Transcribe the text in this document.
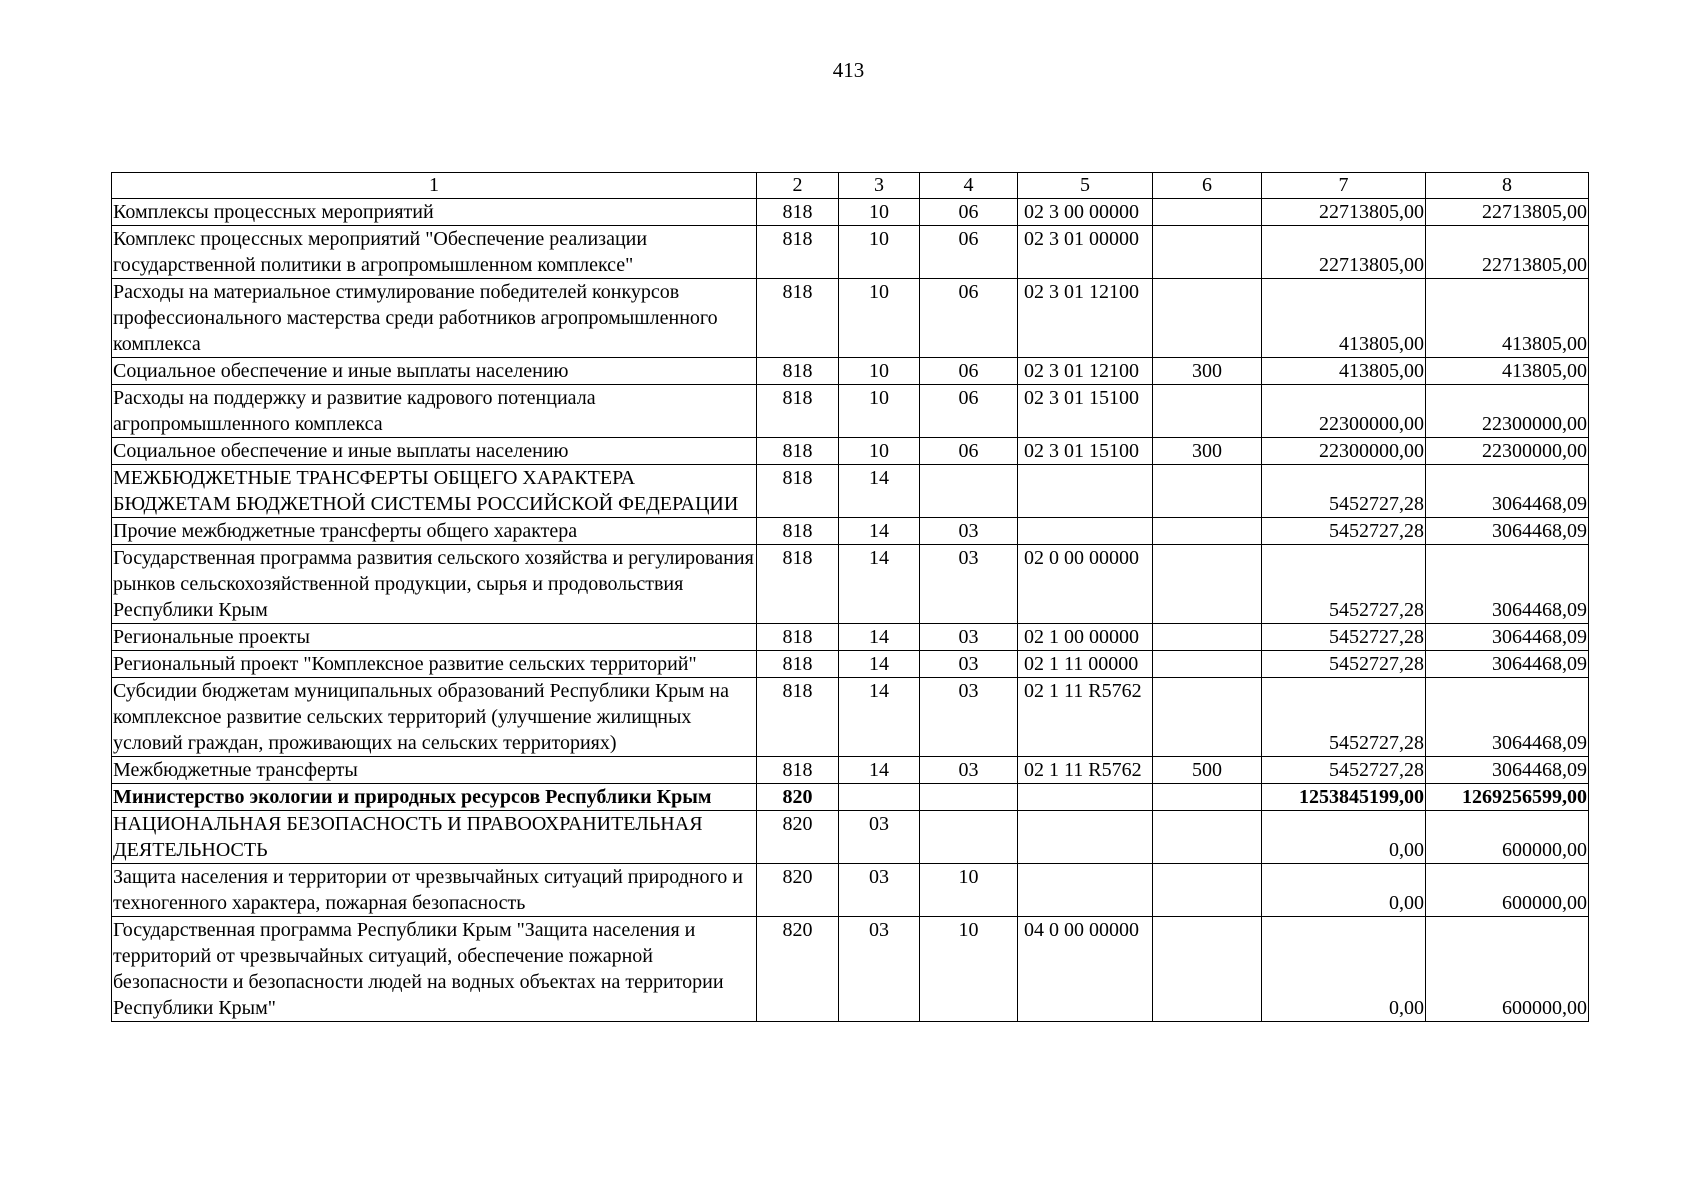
413
1	2	3	4	5	6	7	8
Комплексы процессных мероприятий	818	10	06	02 3 00 00000		22713805,00	22713805,00
Комплекс процессных мероприятий "Обеспечение реализации государственной политики в агропромышленном комплексе"	818	10	06	02 3 01 00000		22713805,00	22713805,00
Расходы на материальное стимулирование победителей конкурсов профессионального мастерства среди работников агропромышленного комплекса	818	10	06	02 3 01 12100		413805,00	413805,00
Социальное обеспечение и иные выплаты населению	818	10	06	02 3 01 12100	300	413805,00	413805,00
Расходы на поддержку и развитие кадрового потенциала агропромышленного комплекса	818	10	06	02 3 01 15100		22300000,00	22300000,00
Социальное обеспечение и иные выплаты населению	818	10	06	02 3 01 15100	300	22300000,00	22300000,00
МЕЖБЮДЖЕТНЫЕ ТРАНСФЕРТЫ ОБЩЕГО ХАРАКТЕРА БЮДЖЕТАМ БЮДЖЕТНОЙ СИСТЕМЫ РОССИЙСКОЙ ФЕДЕРАЦИИ	818	14				5452727,28	3064468,09
Прочие межбюджетные трансферты общего характера	818	14	03			5452727,28	3064468,09
Государственная программа развития сельского хозяйства и регулирования рынков сельскохозяйственной продукции, сырья и продовольствия Республики Крым	818	14	03	02 0 00 00000		5452727,28	3064468,09
Региональные проекты	818	14	03	02 1 00 00000		5452727,28	3064468,09
Региональный проект "Комплексное развитие сельских территорий"	818	14	03	02 1 11 00000		5452727,28	3064468,09
Субсидии бюджетам муниципальных образований Республики Крым на комплексное развитие сельских территорий (улучшение жилищных условий граждан, проживающих на сельских территориях)	818	14	03	02 1 11 R5762		5452727,28	3064468,09
Межбюджетные трансферты	818	14	03	02 1 11 R5762	500	5452727,28	3064468,09
Министерство экологии и природных ресурсов Республики Крым	820					1253845199,00	1269256599,00
НАЦИОНАЛЬНАЯ БЕЗОПАСНОСТЬ И ПРАВООХРАНИТЕЛЬНАЯ ДЕЯТЕЛЬНОСТЬ	820	03				0,00	600000,00
Защита населения и территории от чрезвычайных ситуаций природного и техногенного характера, пожарная безопасность	820	03	10			0,00	600000,00
Государственная программа Республики Крым "Защита населения и территорий от чрезвычайных ситуаций, обеспечение пожарной безопасности и безопасности людей на водных объектах на территории Республики Крым"	820	03	10	04 0 00 00000		0,00	600000,00
